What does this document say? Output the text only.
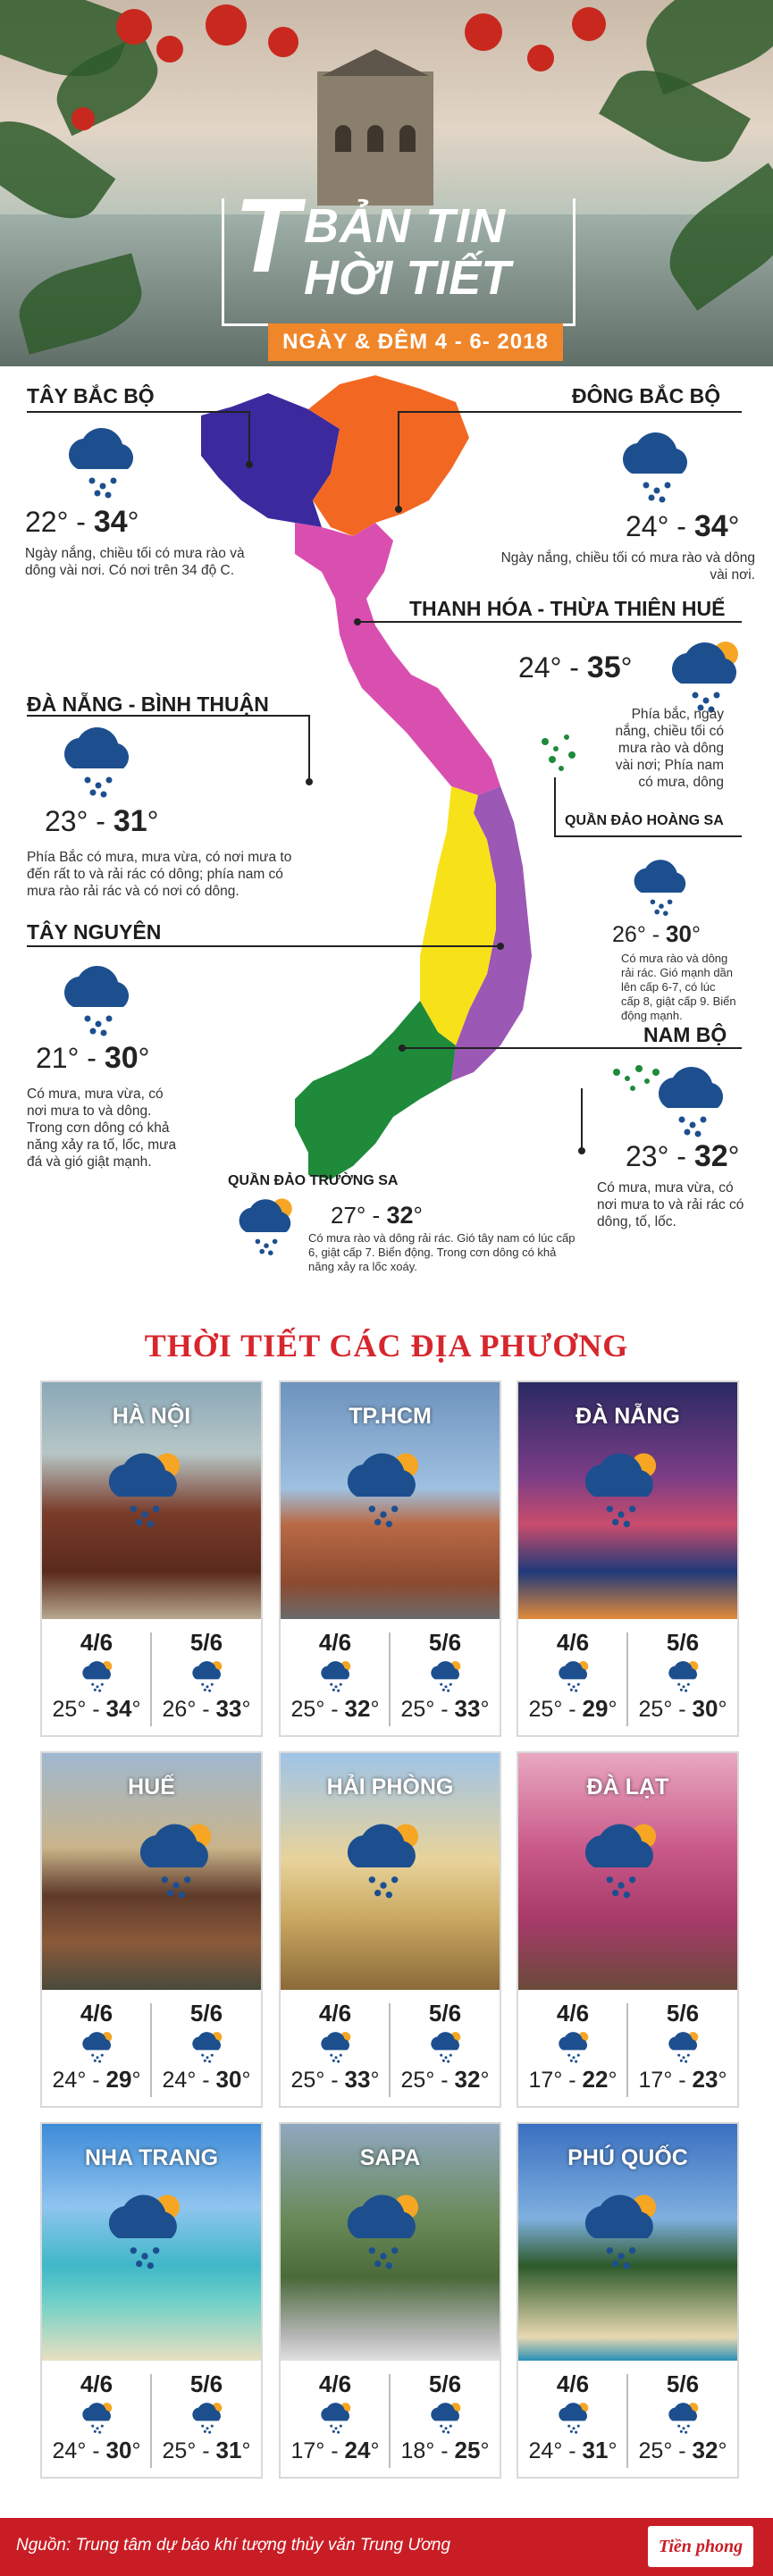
T BẢN TIN
HỜI TIẾT
NGÀY & ĐÊM 4 - 6- 2018
TÂY BẮC BỘ
22° - 34°
Ngày nắng, chiều tối có mưa rào và dông vài nơi. Có nơi trên 34 độ C.
ĐÔNG BẮC BỘ
24° - 34°
Ngày nắng, chiều tối có mưa rào và dông vài nơi.
THANH HÓA - THỪA THIÊN HUẾ
24° - 35°
Phía bắc, ngày nắng, chiều tối có mưa rào và dông vài nơi; Phía nam có mưa, dông
ĐÀ NẴNG - BÌNH THUẬN
23° - 31°
Phía Bắc có mưa, mưa vừa, có nơi mưa to đến rất to và rải rác có dông; phía nam có mưa rào rải rác và có nơi có dông.
QUẦN ĐẢO HOÀNG SA
26° - 30°
Có mưa rào và dông rải rác. Gió mạnh dần lên cấp 6-7, có lúc cấp 8, giật cấp 9. Biển động mạnh.
TÂY NGUYÊN
21° - 30°
Có mưa, mưa vừa, có nơi mưa to và dông. Trong cơn dông có khả năng xảy ra tố, lốc, mưa đá và gió giật mạnh.
NAM BỘ
23° - 32°
Có mưa, mưa vừa, có nơi mưa to và rải rác có dông, tố, lốc.
QUẦN ĐẢO TRƯỜNG SA
27° - 32°
Có mưa rào và dông rải rác. Gió tây nam có lúc cấp 6, giật cấp 7. Biển động. Trong cơn dông có khả năng xảy ra lốc xoáy.
THỜI TIẾT CÁC ĐỊA PHƯƠNG
HÀ NỘI
4/6
25° - 34°
5/6
26° - 33°
TP.HCM
4/6
25° - 32°
5/6
25° - 33°
ĐÀ NẴNG
4/6
25° - 29°
5/6
25° - 30°
HUẾ
4/6
24° - 29°
5/6
24° - 30°
HẢI PHÒNG
4/6
25° - 33°
5/6
25° - 32°
ĐÀ LẠT
4/6
17° - 22°
5/6
17° - 23°
NHA TRANG
4/6
24° - 30°
5/6
25° - 31°
SAPA
4/6
17° - 24°
5/6
18° - 25°
PHÚ QUỐC
4/6
24° - 31°
5/6
25° - 32°
Nguồn: Trung tâm dự báo khí tượng thủy văn Trung Ương	Tiền phong
